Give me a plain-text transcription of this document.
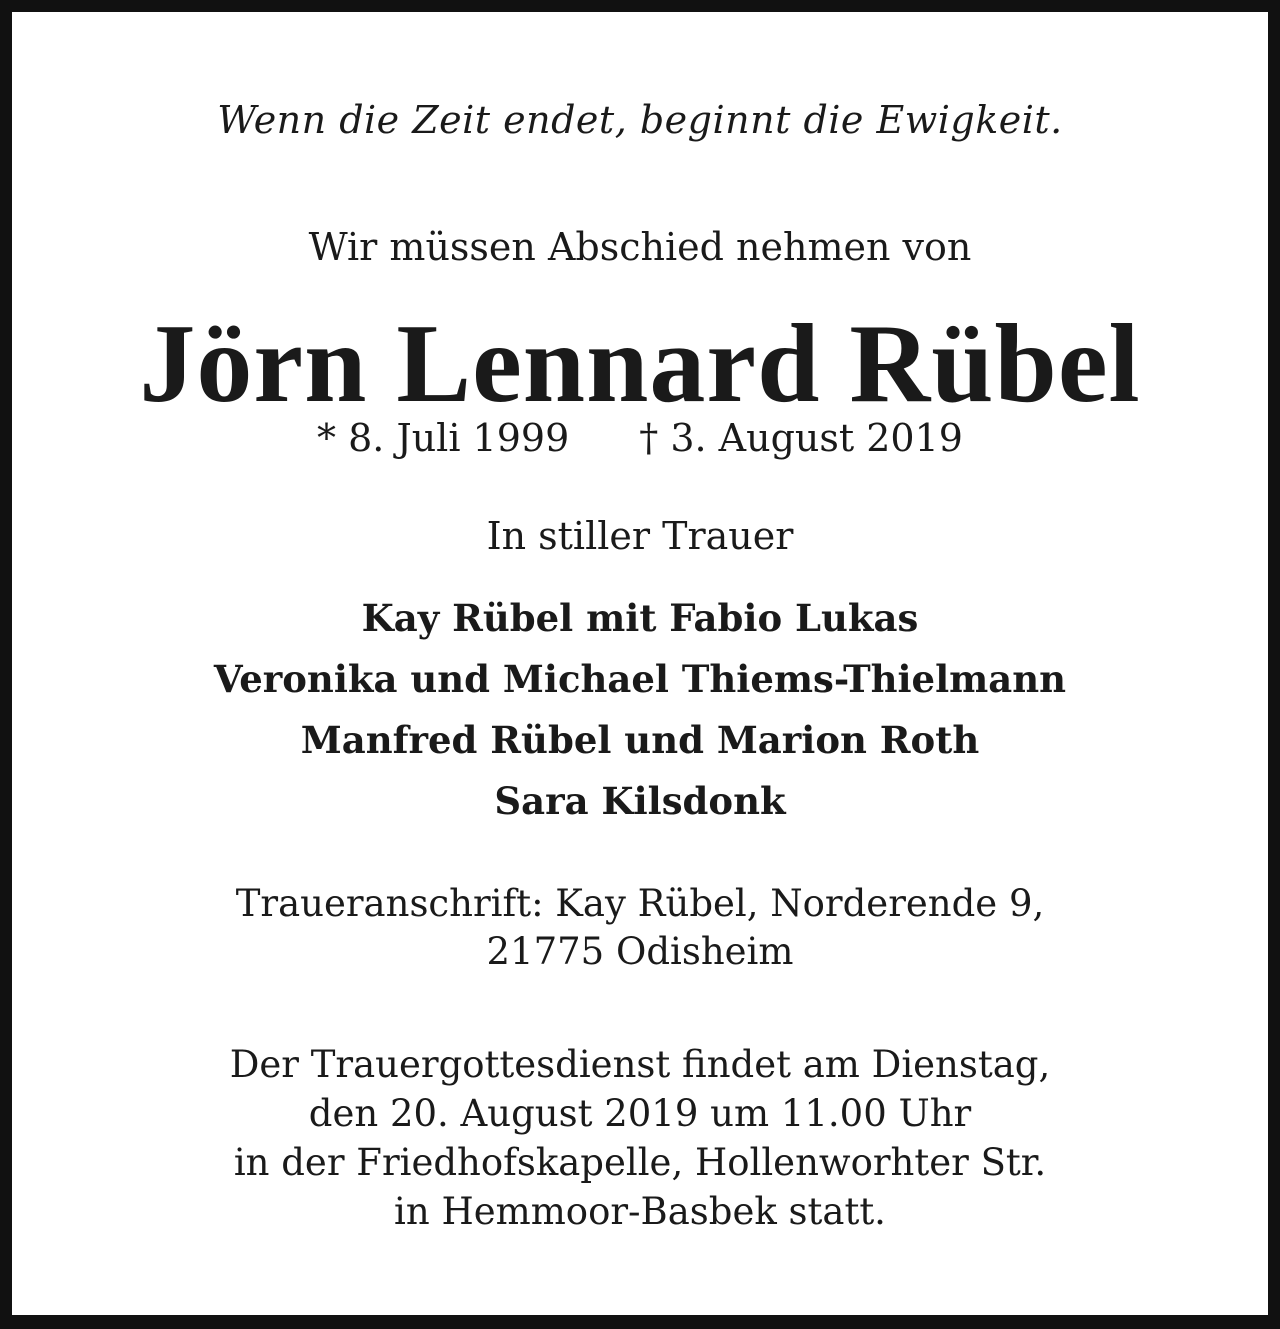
Wenn die Zeit endet, beginnt die Ewigkeit.
Wir müssen Abschied nehmen von
Jörn Lennard Rübel
* 8. Juli 1999 † 3. August 2019
In stiller Trauer
Kay Rübel mit Fabio Lukas
Veronika und Michael Thiems-Thielmann
Manfred Rübel und Marion Roth
Sara Kilsdonk
Traueranschrift: Kay Rübel, Norderende 9,
21775 Odisheim
Der Trauergottesdienst findet am Dienstag,
den 20. August 2019 um 11.00 Uhr
in der Friedhofskapelle, Hollenworhter Str.
in Hemmoor-Basbek statt.
